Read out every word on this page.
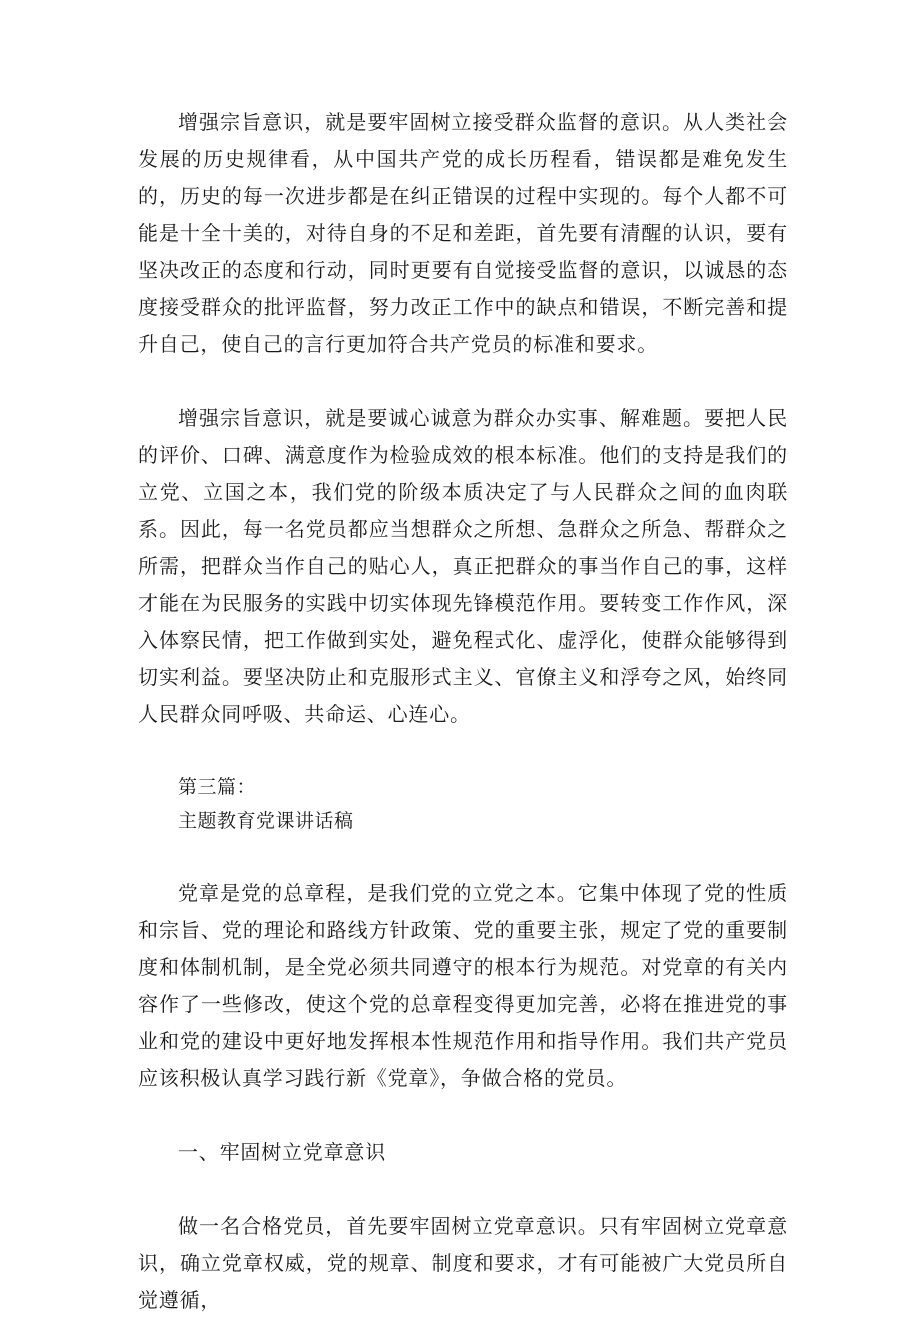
增强宗旨意识，就是要牢固树立接受群众监督的意识。从人类社会发展的历史规律看，从中国共产党的成长历程看，错误都是难免发生的，历史的每一次进步都是在纠正错误的过程中实现的。每个人都不可能是十全十美的，对待自身的不足和差距，首先要有清醒的认识，要有坚决改正的态度和行动，同时更要有自觉接受监督的意识，以诚恳的态度接受群众的批评监督，努力改正工作中的缺点和错误，不断完善和提升自己，使自己的言行更加符合共产党员的标准和要求。

增强宗旨意识，就是要诚心诚意为群众办实事、解难题。要把人民的评价、口碑、满意度作为检验成效的根本标准。他们的支持是我们的立党、立国之本，我们党的阶级本质决定了与人民群众之间的血肉联系。因此，每一名党员都应当想群众之所想、急群众之所急、帮群众之所需，把群众当作自己的贴心人，真正把群众的事当作自己的事，这样才能在为民服务的实践中切实体现先锋模范作用。要转变工作作风，深入体察民情，把工作做到实处，避免程式化、虚浮化，使群众能够得到切实利益。要坚决防止和克服形式主义、官僚主义和浮夸之风，始终同人民群众同呼吸、共命运、心连心。

第三篇：
主题教育党课讲话稿

党章是党的总章程，是我们党的立党之本。它集中体现了党的性质和宗旨、党的理论和路线方针政策、党的重要主张，规定了党的重要制度和体制机制，是全党必须共同遵守的根本行为规范。对党章的有关内容作了一些修改，使这个党的总章程变得更加完善，必将在推进党的事业和党的建设中更好地发挥根本性规范作用和指导作用。我们共产党员应该积极认真学习践行新《党章》，争做合格的党员。

一、牢固树立党章意识

做一名合格党员，首先要牢固树立党章意识。只有牢固树立党章意识，确立党章权威，党的规章、制度和要求，才有可能被广大党员所自觉遵循，
